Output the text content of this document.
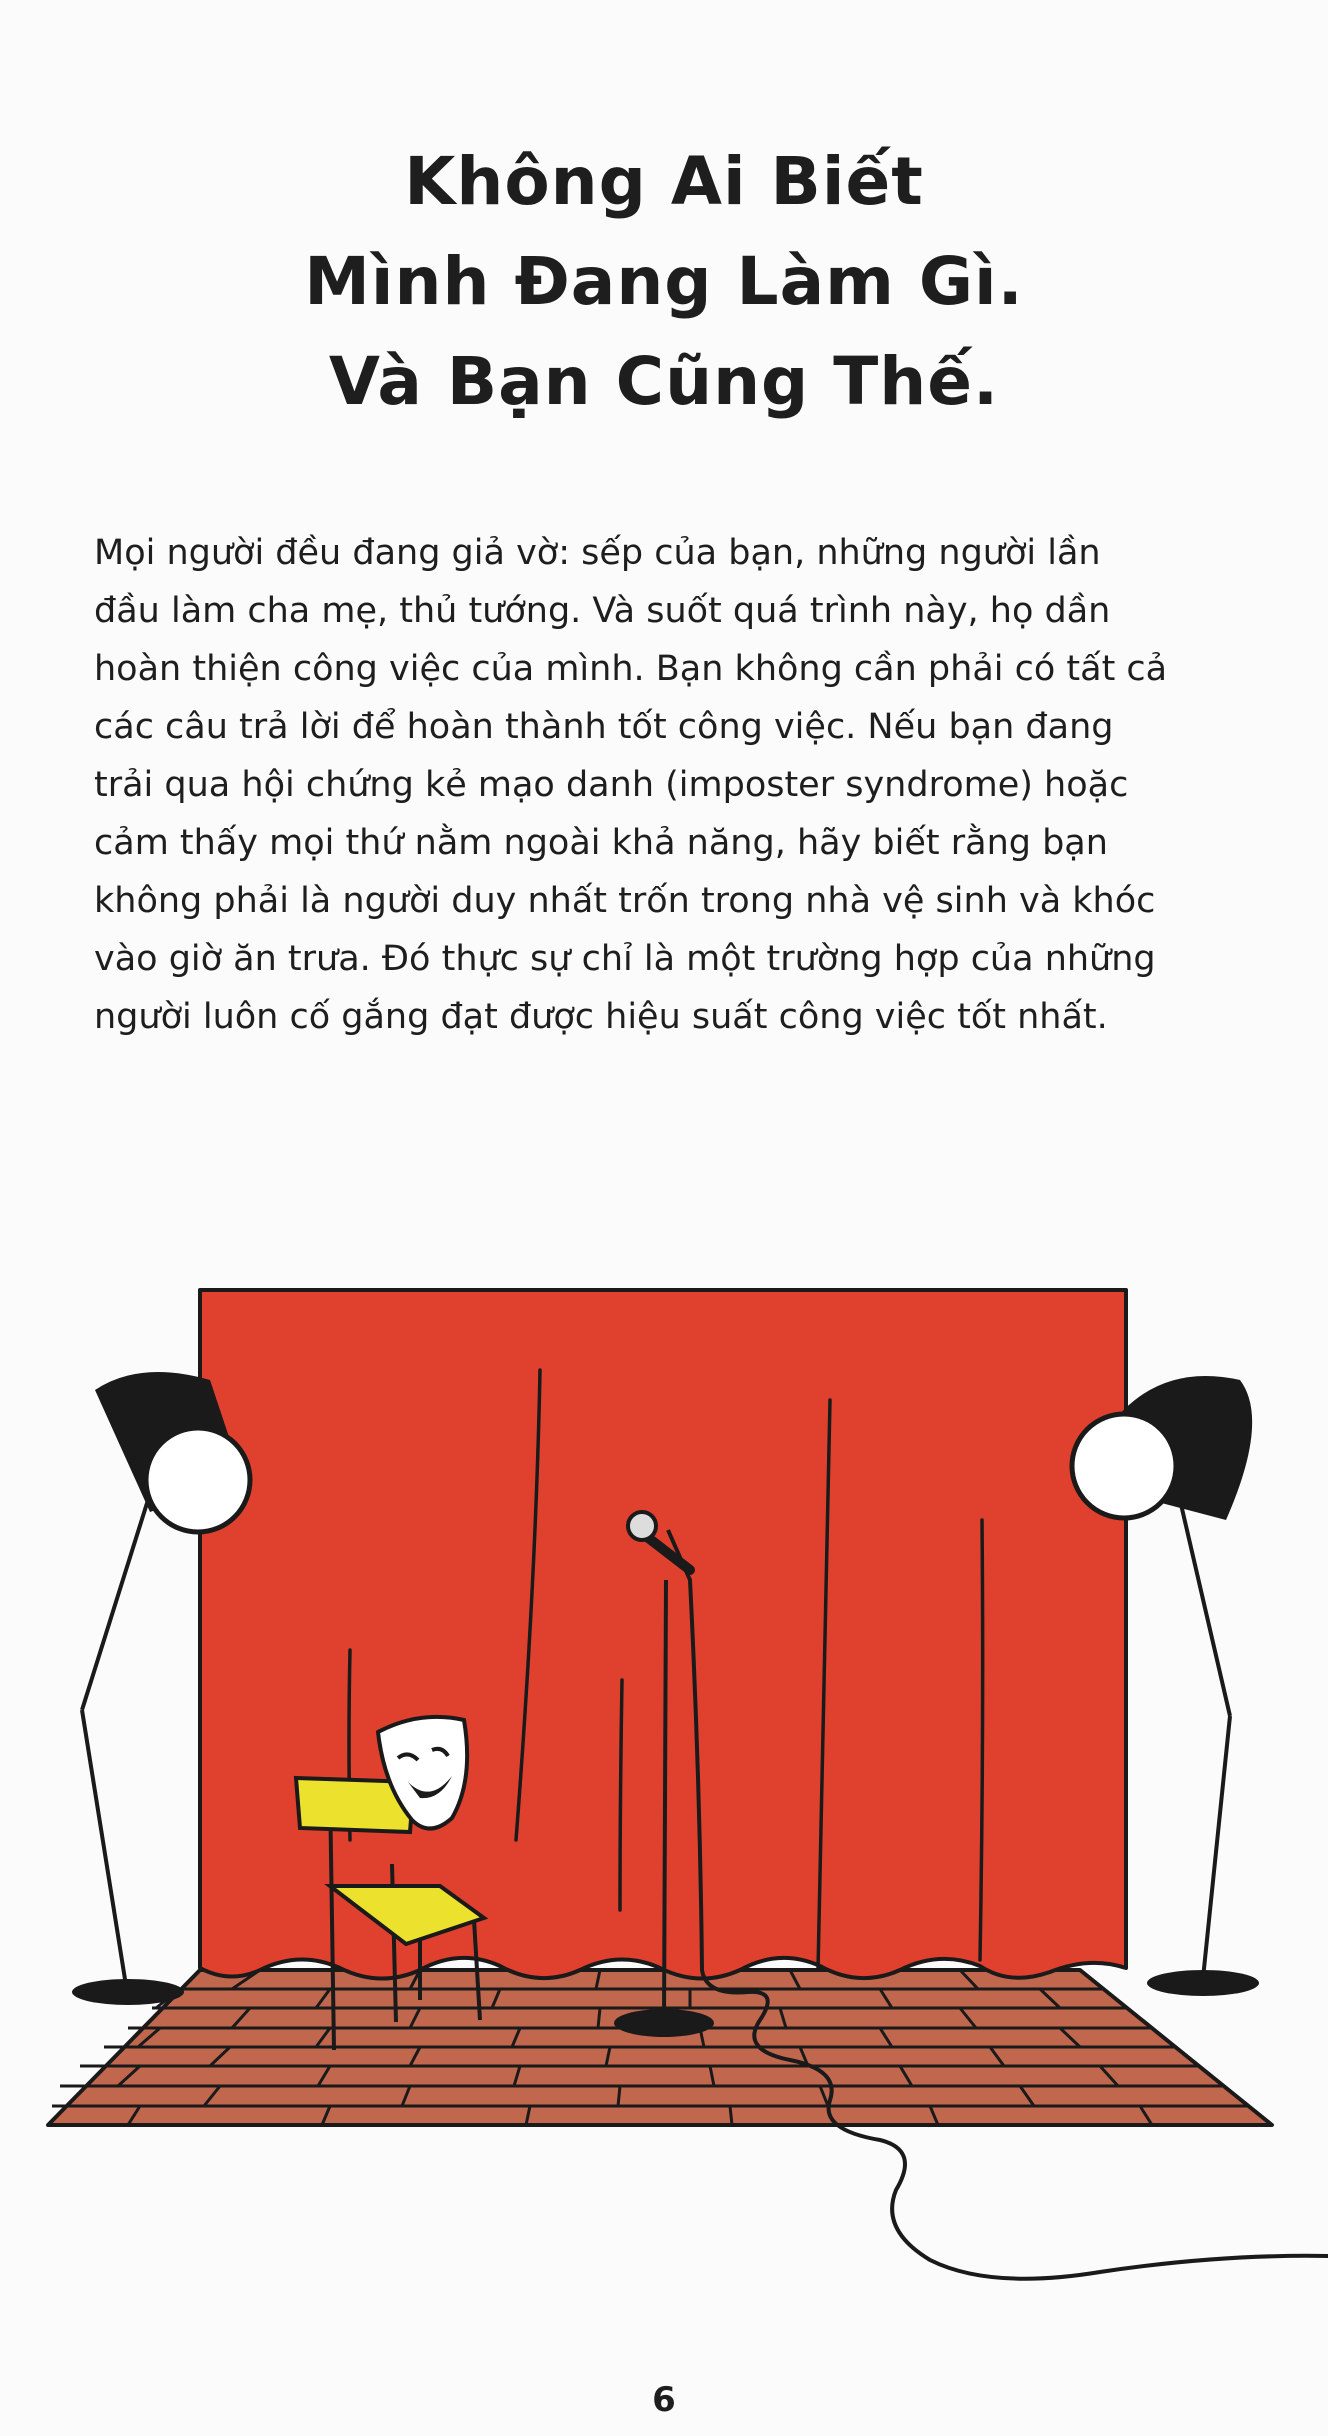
Không Ai Biết
Mình Đang Làm Gì.
Và Bạn Cũng Thế.
Mọi người đều đang giả vờ: sếp của bạn, những người lần
đầu làm cha mẹ, thủ tướng. Và suốt quá trình này, họ dần
hoàn thiện công việc của mình. Bạn không cần phải có tất cả
các câu trả lời để hoàn thành tốt công việc. Nếu bạn đang
trải qua hội chứng kẻ mạo danh (imposter syndrome) hoặc
cảm thấy mọi thứ nằm ngoài khả năng, hãy biết rằng bạn
không phải là người duy nhất trốn trong nhà vệ sinh và khóc
vào giờ ăn trưa. Đó thực sự chỉ là một trường hợp của những
người luôn cố gắng đạt được hiệu suất công việc tốt nhất.
6
